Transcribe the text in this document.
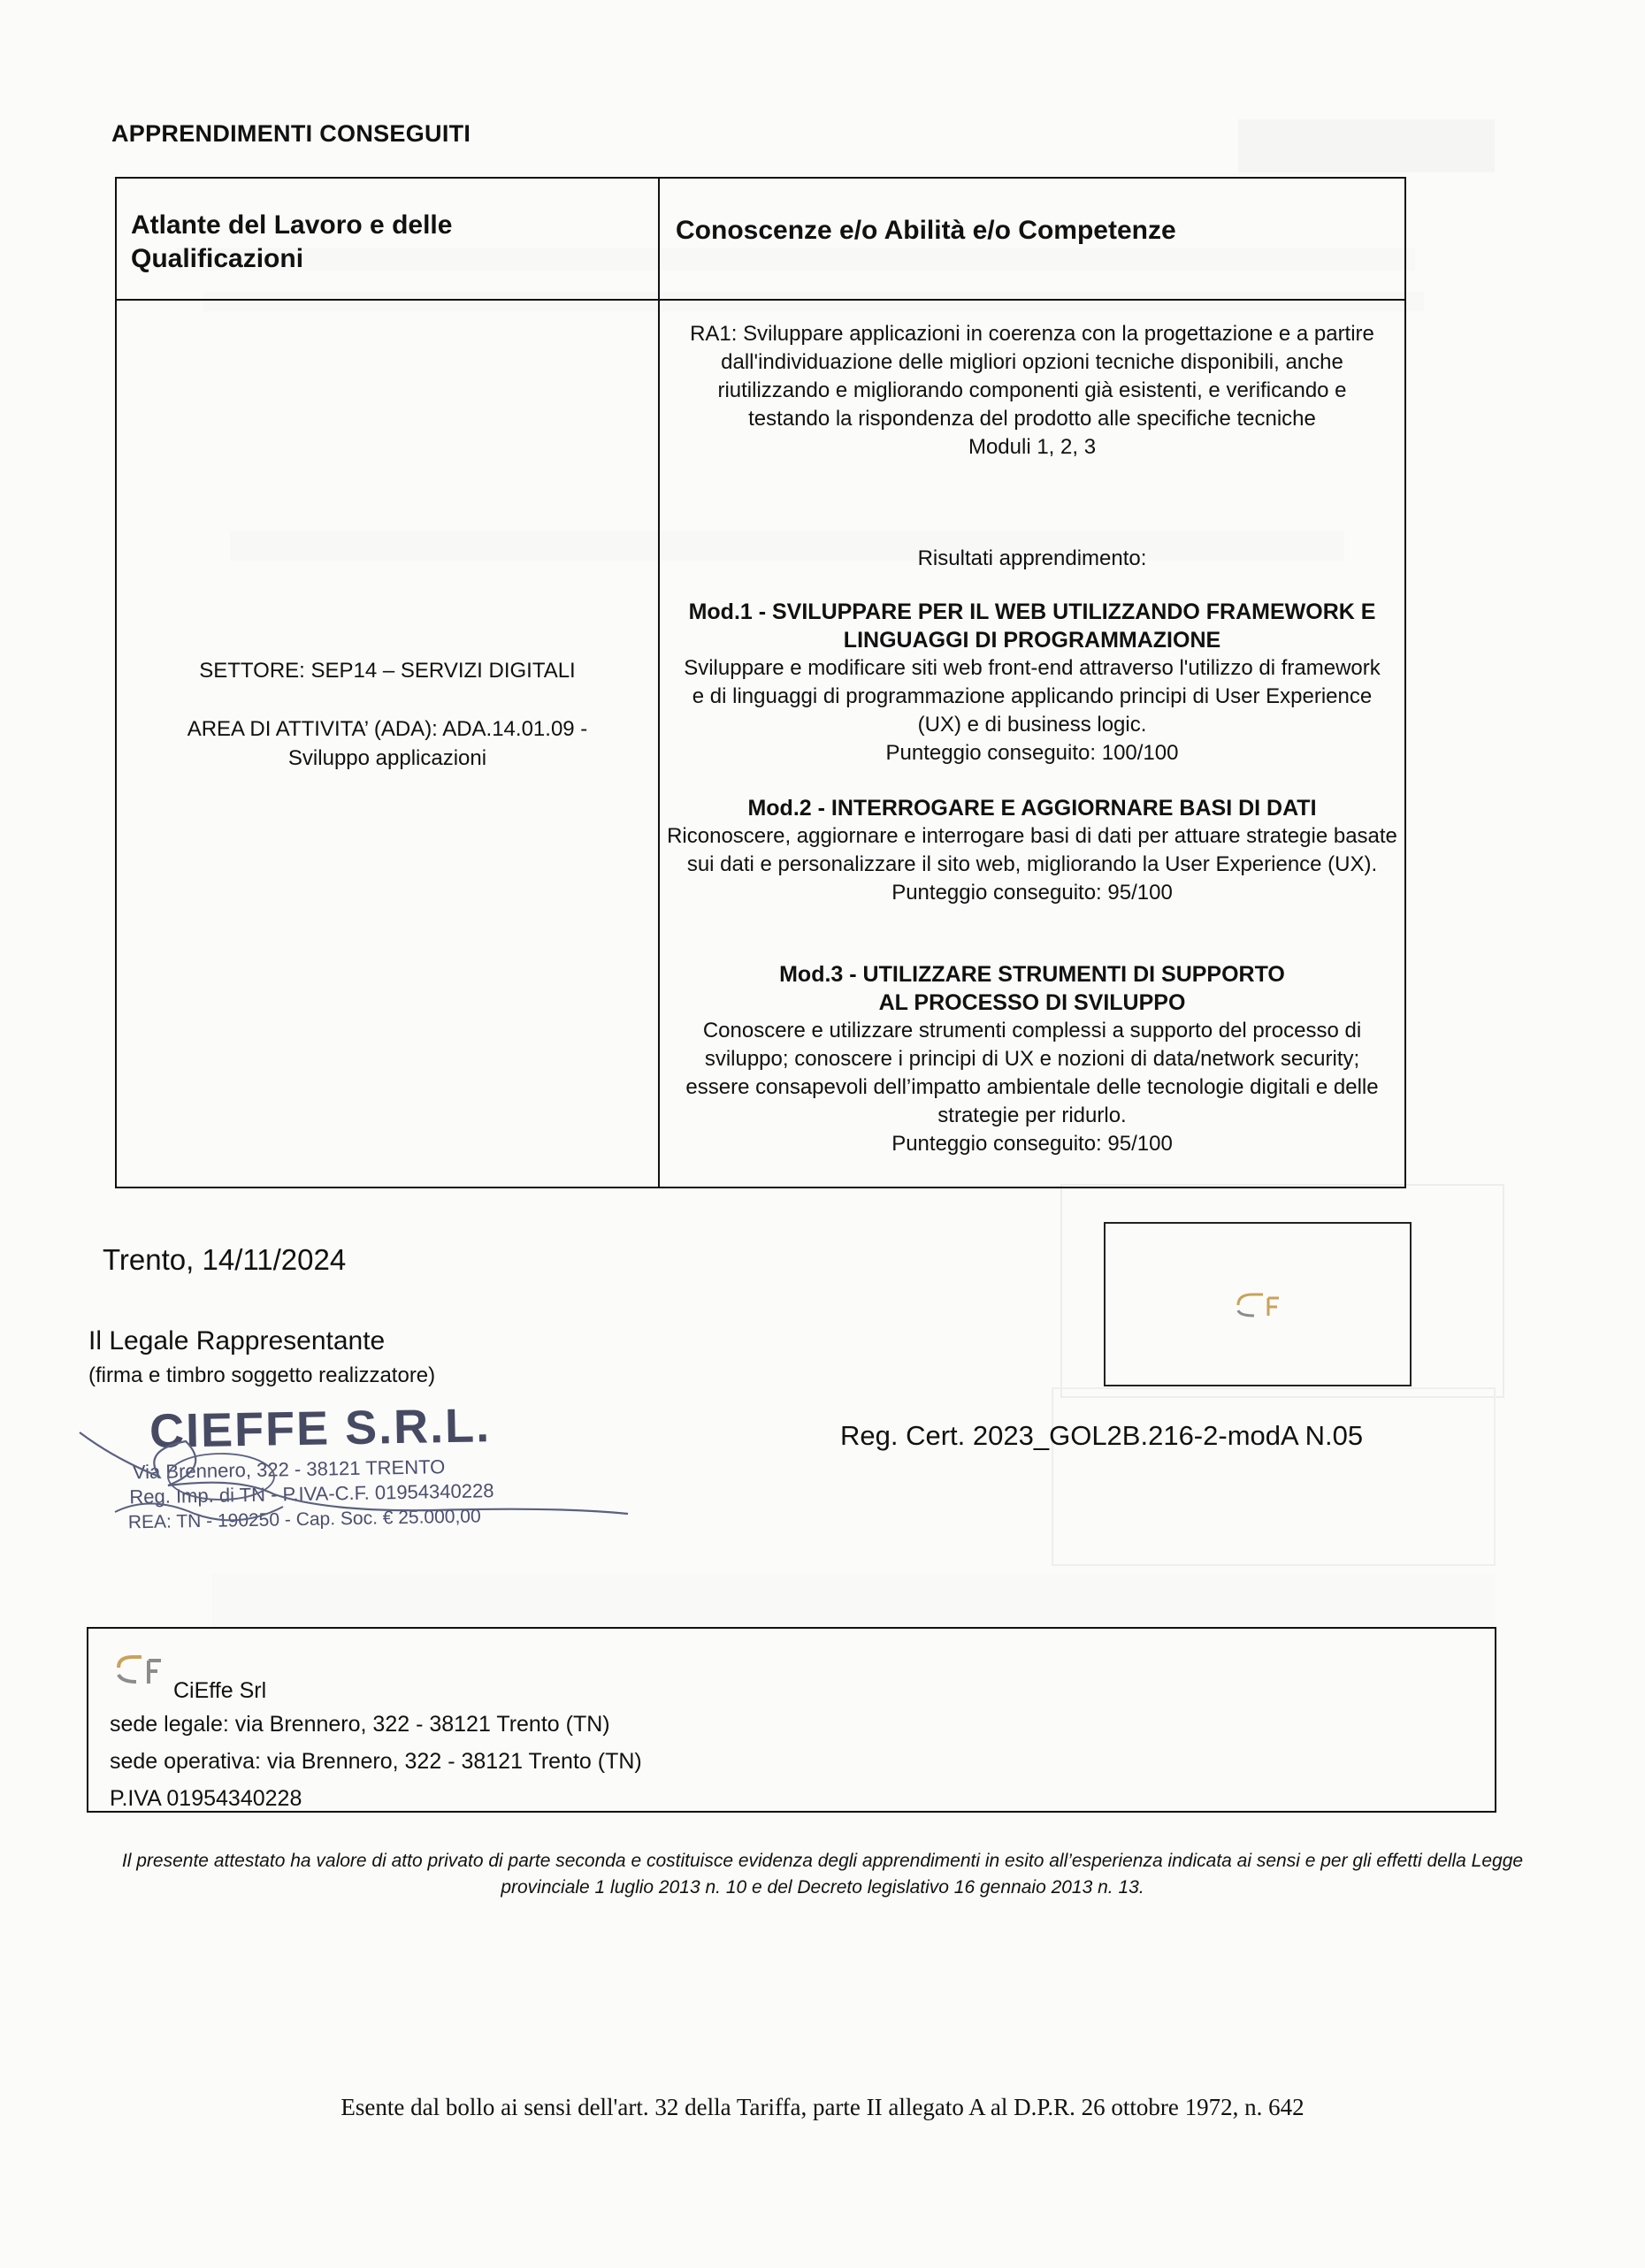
APPRENDIMENTI CONSEGUITI
Atlante del Lavoro e delle Qualificazioni
Conoscenze e/o Abilità e/o Competenze
SETTORE: SEP14 – SERVIZI DIGITALI
AREA DI ATTIVITA’ (ADA): ADA.14.01.09 -
Sviluppo applicazioni
RA1: Sviluppare applicazioni in coerenza con la progettazione e a partire dall'individuazione delle migliori opzioni tecniche disponibili, anche riutilizzando e migliorando componenti già esistenti, e verificando e testando la rispondenza del prodotto alle specifiche tecniche
Moduli 1, 2, 3
Risultati apprendimento:
Mod.1 - SVILUPPARE PER IL WEB UTILIZZANDO FRAMEWORK E LINGUAGGI DI PROGRAMMAZIONE
Sviluppare e modificare siti web front-end attraverso l'utilizzo di framework e di linguaggi di programmazione applicando principi di User Experience (UX) e di business logic.
Punteggio conseguito: 100/100
Mod.2 - INTERROGARE E AGGIORNARE BASI DI DATI
Riconoscere, aggiornare e interrogare basi di dati per attuare strategie basate sui dati e personalizzare il sito web, migliorando la User Experience (UX).
Punteggio conseguito: 95/100
Mod.3 - UTILIZZARE STRUMENTI DI SUPPORTO AL PROCESSO DI SVILUPPO
Conoscere e utilizzare strumenti complessi a supporto del processo di sviluppo; conoscere i principi di UX e nozioni di data/network security; essere consapevoli dell’impatto ambientale delle tecnologie digitali e delle strategie per ridurlo.
Punteggio conseguito: 95/100
Trento, 14/11/2024
Il Legale Rappresentante
(firma e timbro soggetto realizzatore)
CIEFFE S.R.L.
Via Brennero, 322 - 38121 TRENTO
Reg. Imp. di TN - P.IVA-C.F. 01954340228
REA: TN - 190250 - Cap. Soc. € 25.000,00
Reg. Cert. 2023_GOL2B.216-2-modA N.05
CiEffe Srl
sede legale: via Brennero, 322 - 38121 Trento (TN)
sede operativa: via Brennero, 322 - 38121 Trento (TN)
P.IVA 01954340228
Il presente attestato ha valore di atto privato di parte seconda e costituisce evidenza degli apprendimenti in esito all’esperienza indicata ai sensi e per gli effetti della Legge provinciale 1 luglio 2013 n. 10 e del Decreto legislativo 16 gennaio 2013 n. 13.
Esente dal bollo ai sensi dell'art. 32 della Tariffa, parte II allegato A al D.P.R. 26 ottobre 1972, n. 642
